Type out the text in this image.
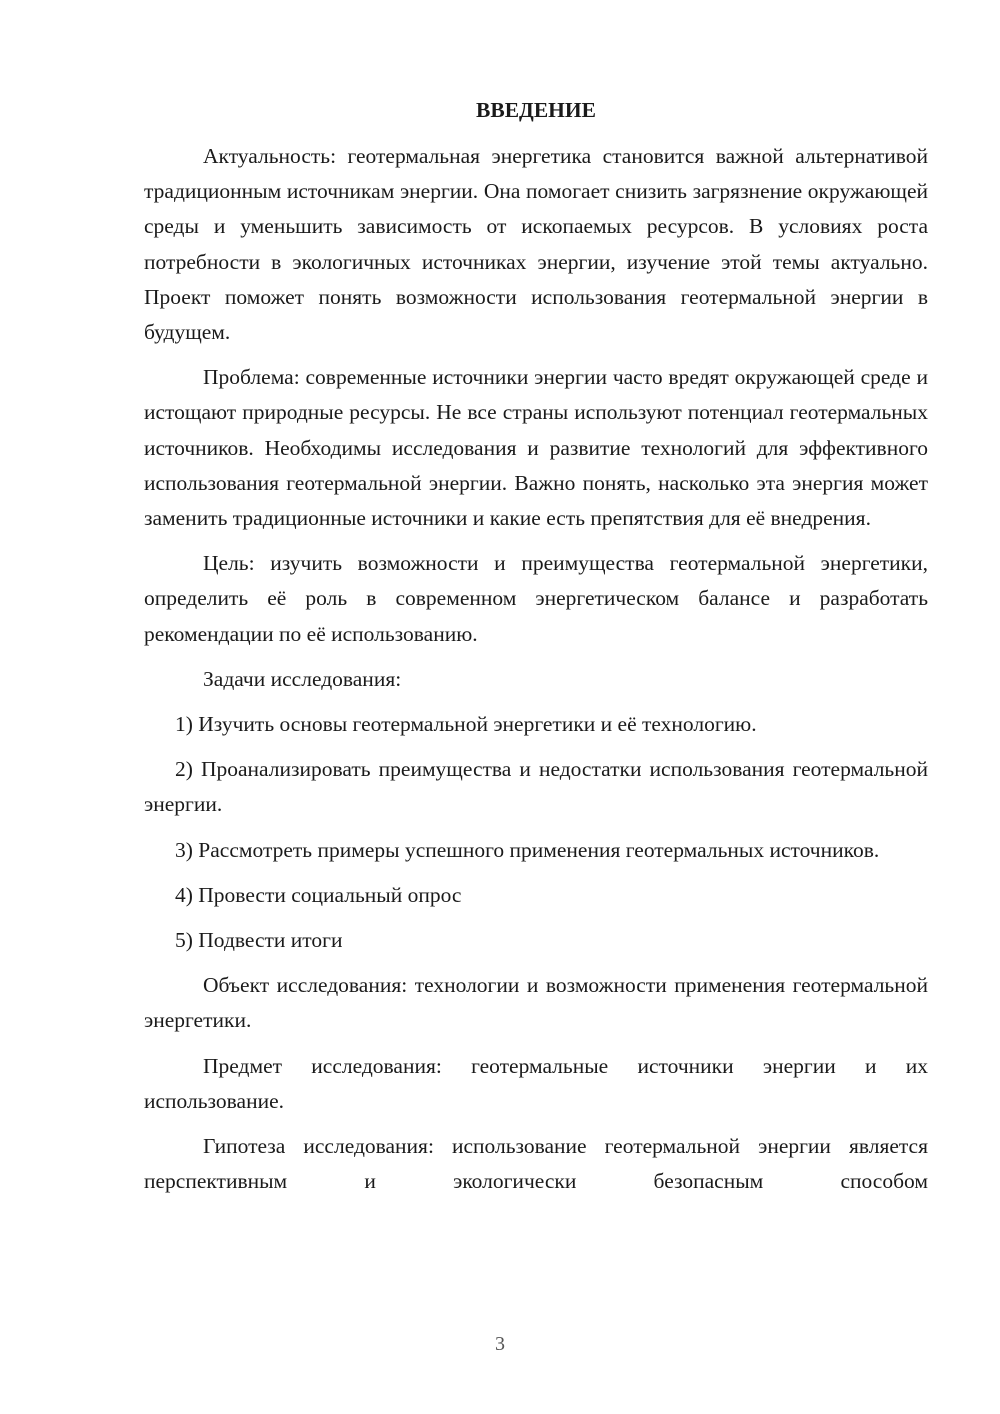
ВВЕДЕНИЕ

Актуальность: геотермальная энергетика становится важной альтернативой традиционным источникам энергии. Она помогает снизить загрязнение окружающей среды и уменьшить зависимость от ископаемых ресурсов. В условиях роста потребности в экологичных источниках энергии, изучение этой темы актуально. Проект поможет понять возможности использования геотермальной энергии в будущем.

Проблема: современные источники энергии часто вредят окружающей среде и истощают природные ресурсы. Не все страны используют потенциал геотермальных источников. Необходимы исследования и развитие технологий для эффективного использования геотермальной энергии. Важно понять, насколько эта энергия может заменить традиционные источники и какие есть препятствия для её внедрения.

Цель: изучить возможности и преимущества геотермальной энергетики, определить её роль в современном энергетическом балансе и разработать рекомендации по её использованию.

Задачи исследования:

1) Изучить основы геотермальной энергетики и её технологию.

2) Проанализировать преимущества и недостатки использования геотермальной энергии.

3) Рассмотреть примеры успешного применения геотермальных источников.

4) Провести социальный опрос

5) Подвести итоги

Объект исследования: технологии и возможности применения геотермальной энергетики.

Предмет исследования: геотермальные источники энергии и их использование.

Гипотеза исследования: использование геотермальной энергии является перспективным и экологически безопасным способом

3
